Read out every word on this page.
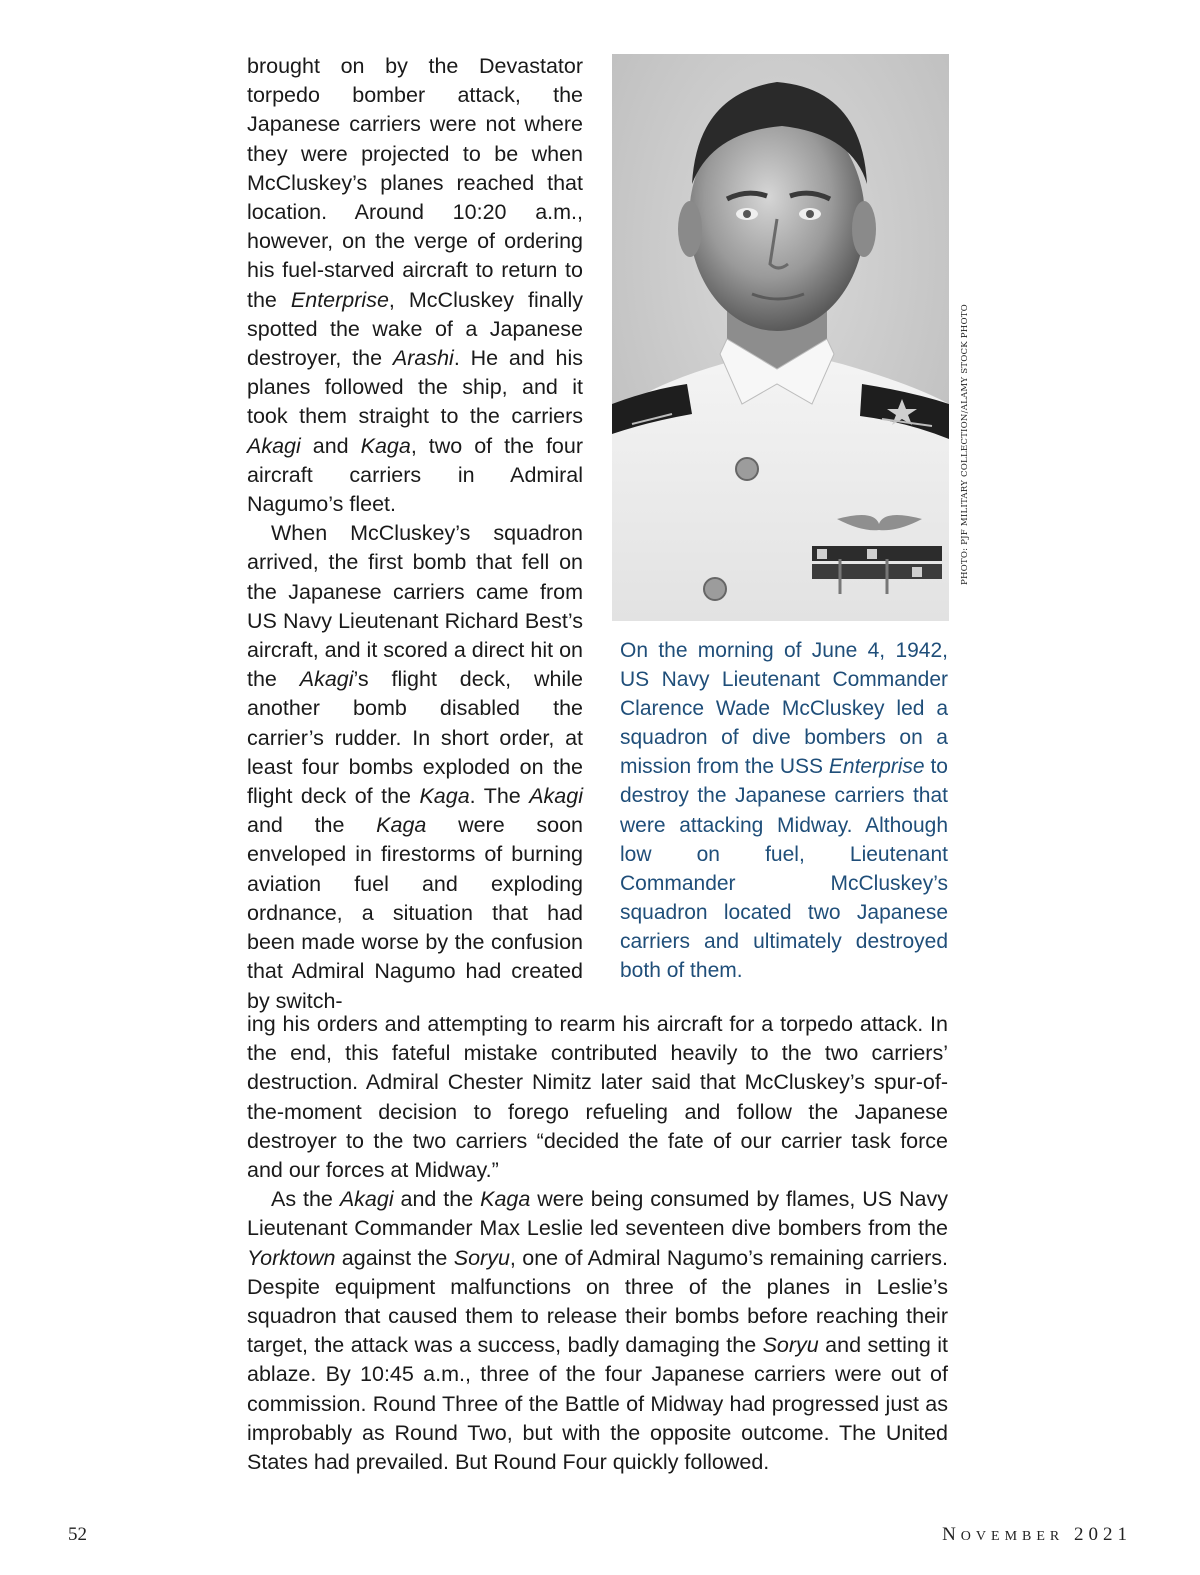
brought on by the Devastator torpedo bomber attack, the Japanese carriers were not where they were projected to be when McCluskey’s planes reached that location. Around 10:20 a.m., however, on the verge of ordering his fuel-starved aircraft to return to the Enterprise, McCluskey finally spotted the wake of a Japanese destroyer, the Arashi. He and his planes followed the ship, and it took them straight to the carriers Akagi and Kaga, two of the four aircraft carriers in Admiral Nagumo’s fleet.

When McCluskey’s squadron arrived, the first bomb that fell on the Japanese carriers came from US Navy Lieutenant Richard Best’s aircraft, and it scored a direct hit on the Akagi’s flight deck, while another bomb disabled the carrier’s rudder. In short order, at least four bombs exploded on the flight deck of the Kaga. The Akagi and the Kaga were soon enveloped in firestorms of burning aviation fuel and exploding ordnance, a situation that had been made worse by the confusion that Admiral Nagumo had created by switch-

PHOTO: PJF MILITARY COLLECTION/ALAMY STOCK PHOTO

On the morning of June 4, 1942, US Navy Lieutenant Commander Clarence Wade McCluskey led a squadron of dive bombers on a mission from the USS Enterprise to destroy the Japanese carriers that were attacking Midway. Although low on fuel, Lieutenant Commander McCluskey’s squadron located two Japanese carriers and ultimately destroyed both of them.

ing his orders and attempting to rearm his aircraft for a torpedo attack. In the end, this fateful mistake contributed heavily to the two carriers’ destruction. Admiral Chester Nimitz later said that McCluskey’s spur-of-the-moment decision to forego refueling and follow the Japanese destroyer to the two carriers “decided the fate of our carrier task force and our forces at Midway.”

As the Akagi and the Kaga were being consumed by flames, US Navy Lieutenant Commander Max Leslie led seventeen dive bombers from the Yorktown against the Soryu, one of Admiral Nagumo’s remaining carriers. Despite equipment malfunctions on three of the planes in Leslie’s squadron that caused them to release their bombs before reaching their target, the attack was a success, badly damaging the Soryu and setting it ablaze. By 10:45 a.m., three of the four Japanese carriers were out of commission. Round Three of the Battle of Midway had progressed just as improbably as Round Two, but with the opposite outcome. The United States had prevailed. But Round Four quickly followed.

52	NOVEMBER 2021
